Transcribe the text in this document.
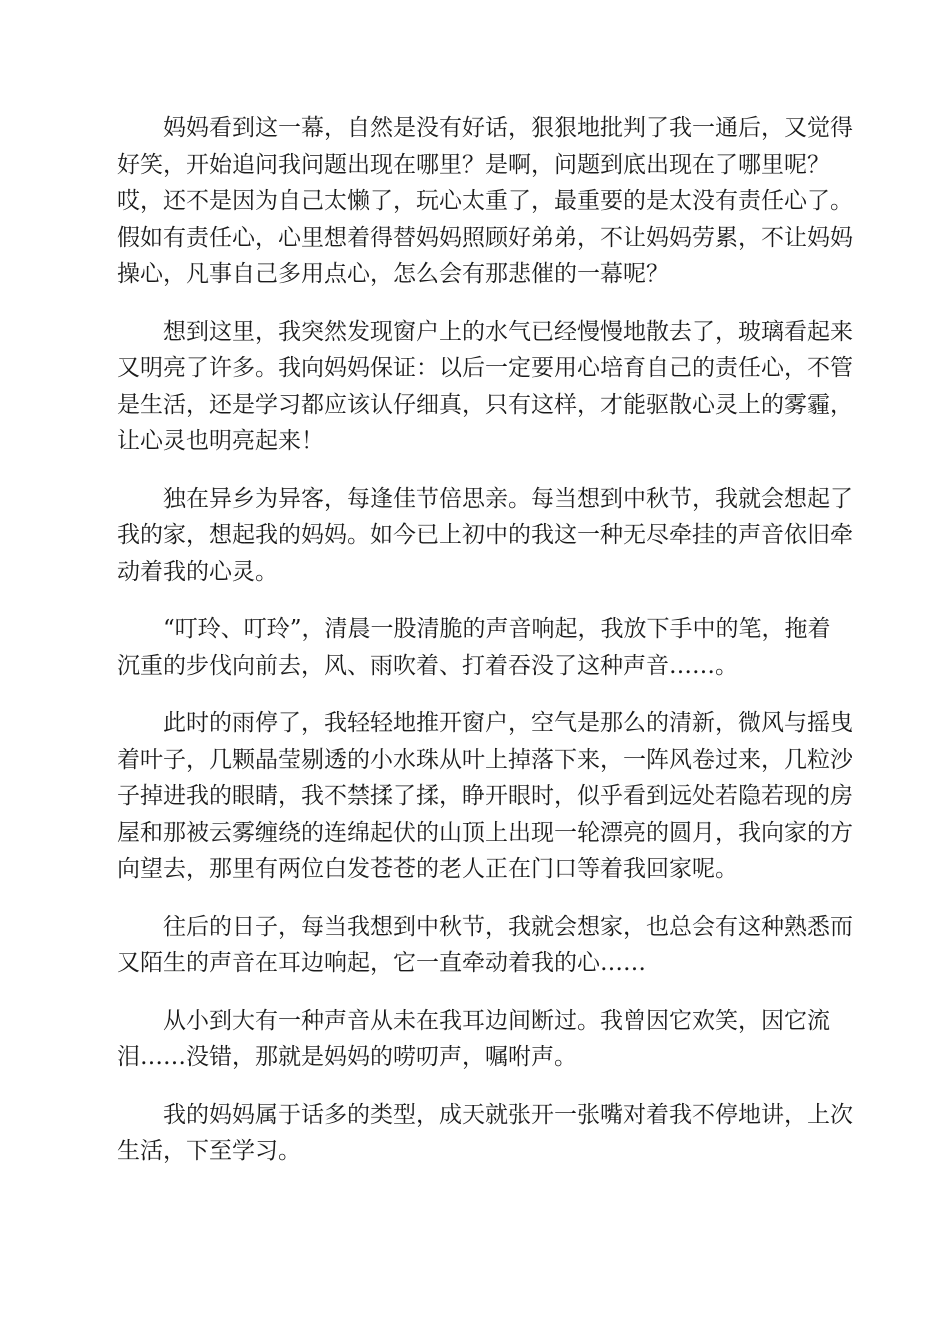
妈妈看到这一幕，自然是没有好话，狠狠地批判了我一通后，又觉得
好笑，开始追问我问题出现在哪里？是啊，问题到底出现在了哪里呢？
哎，还不是因为自己太懒了，玩心太重了，最重要的是太没有责任心了。
假如有责任心，心里想着得替妈妈照顾好弟弟，不让妈妈劳累，不让妈妈
操心，凡事自己多用点心，怎么会有那悲催的一幕呢？

想到这里，我突然发现窗户上的水气已经慢慢地散去了，玻璃看起来
又明亮了许多。我向妈妈保证：以后一定要用心培育自己的责任心，不管
是生活，还是学习都应该认仔细真，只有这样，才能驱散心灵上的雾霾，
让心灵也明亮起来！

独在异乡为异客，每逢佳节倍思亲。每当想到中秋节，我就会想起了
我的家，想起我的妈妈。如今已上初中的我这一种无尽牵挂的声音依旧牵
动着我的心灵。

“叮玲、叮玲”，清晨一股清脆的声音响起，我放下手中的笔，拖着
沉重的步伐向前去，风、雨吹着、打着吞没了这种声音……。

此时的雨停了，我轻轻地推开窗户，空气是那么的清新，微风与摇曳
着叶子，几颗晶莹剔透的小水珠从叶上掉落下来，一阵风卷过来，几粒沙
子掉进我的眼睛，我不禁揉了揉，睁开眼时，似乎看到远处若隐若现的房
屋和那被云雾缠绕的连绵起伏的山顶上出现一轮漂亮的圆月，我向家的方
向望去，那里有两位白发苍苍的老人正在门口等着我回家呢。

往后的日子，每当我想到中秋节，我就会想家，也总会有这种熟悉而
又陌生的声音在耳边响起，它一直牵动着我的心……

从小到大有一种声音从未在我耳边间断过。我曾因它欢笑，因它流
泪……没错，那就是妈妈的唠叨声，嘱咐声。

我的妈妈属于话多的类型，成天就张开一张嘴对着我不停地讲，上次
生活，下至学习。
